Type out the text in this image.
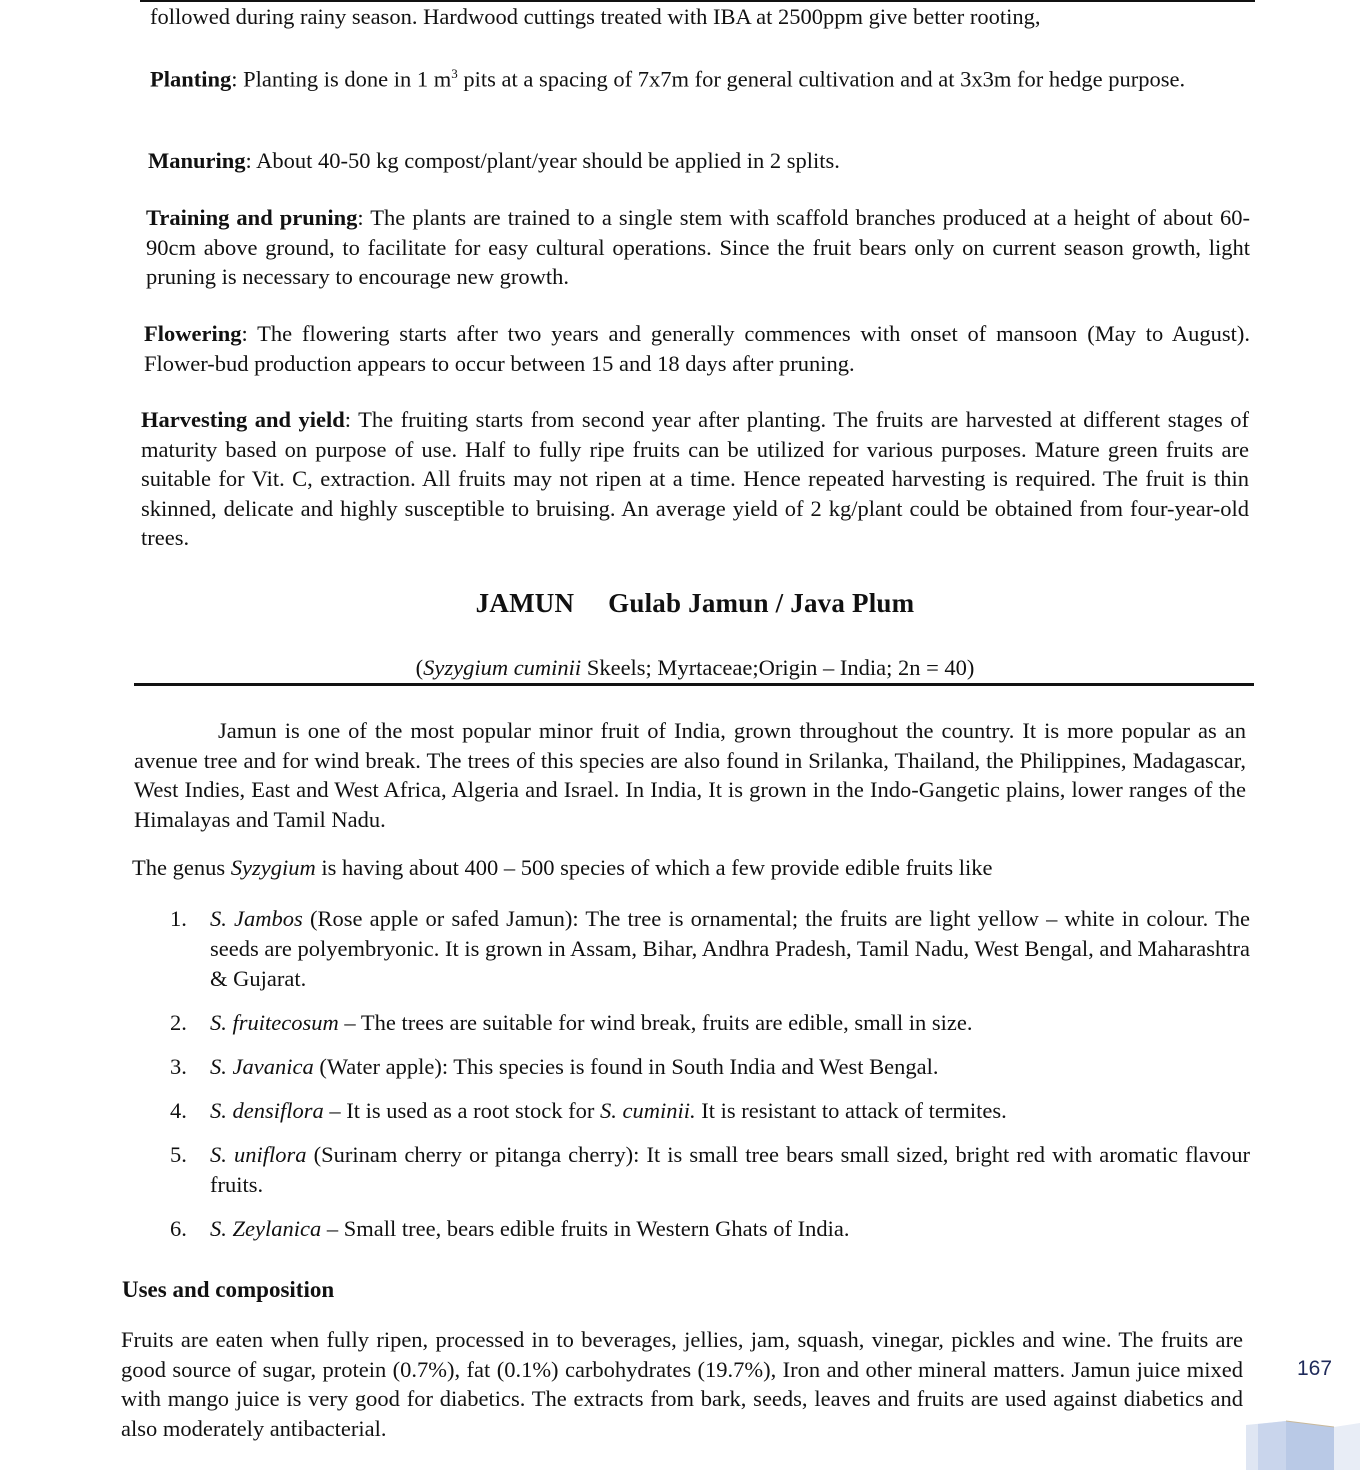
followed during rainy season. Hardwood cuttings treated with IBA at 2500ppm give better rooting,

Planting: Planting is done in 1 $m^3$ pits at a spacing of 7x7m for general cultivation and at 3x3m for hedge purpose.

Manuring: About 40-50 kg compost/plant/year should be applied in 2 splits.

Training and pruning: The plants are trained to a single stem with scaffold branches produced at a height of about 60-90cm above ground, to facilitate for easy cultural operations. Since the fruit bears only on current season growth, light pruning is necessary to encourage new growth.

Flowering: The flowering starts after two years and generally commences with onset of mansoon (May to August). Flower-bud production appears to occur between 15 and 18 days after pruning.

Harvesting and yield: The fruiting starts from second year after planting. The fruits are harvested at different stages of maturity based on purpose of use. Half to fully ripe fruits can be utilized for various purposes. Mature green fruits are suitable for Vit. C, extraction. All fruits may not ripen at a time. Hence repeated harvesting is required. The fruit is thin skinned, delicate and highly susceptible to bruising. An average yield of 2 kg/plant could be obtained from four-year-old trees.

JAMUN Gulab Jamun / Java Plum
(Syzygium cuminii Skeels; Myrtaceae;Origin – India; 2n = 40)

Jamun is one of the most popular minor fruit of India, grown throughout the country. It is more popular as an avenue tree and for wind break. The trees of this species are also found in Srilanka, Thailand, the Philippines, Madagascar, West Indies, East and West Africa, Algeria and Israel. In India, It is grown in the Indo-Gangetic plains, lower ranges of the Himalayas and Tamil Nadu.

The genus Syzygium is having about 400 – 500 species of which a few provide edible fruits like

1. S. Jambos (Rose apple or safed Jamun): The tree is ornamental; the fruits are light yellow – white in colour. The seeds are polyembryonic. It is grown in Assam, Bihar, Andhra Pradesh, Tamil Nadu, West Bengal, and Maharashtra & Gujarat.
2. S. fruitecosum – The trees are suitable for wind break, fruits are edible, small in size.
3. S. Javanica (Water apple): This species is found in South India and West Bengal.
4. S. densiflora – It is used as a root stock for S. cuminii. It is resistant to attack of termites.
5. S. uniflora (Surinam cherry or pitanga cherry): It is small tree bears small sized, bright red with aromatic flavour fruits.
6. S. Zeylanica – Small tree, bears edible fruits in Western Ghats of India.
Uses and composition

Fruits are eaten when fully ripen, processed in to beverages, jellies, jam, squash, vinegar, pickles and wine. The fruits are good source of sugar, protein (0.7%), fat (0.1%) carbohydrates (19.7%), Iron and other mineral matters. Jamun juice mixed with mango juice is very good for diabetics. The extracts from bark, seeds, leaves and fruits are used against diabetics and also moderately antibacterial.

167
